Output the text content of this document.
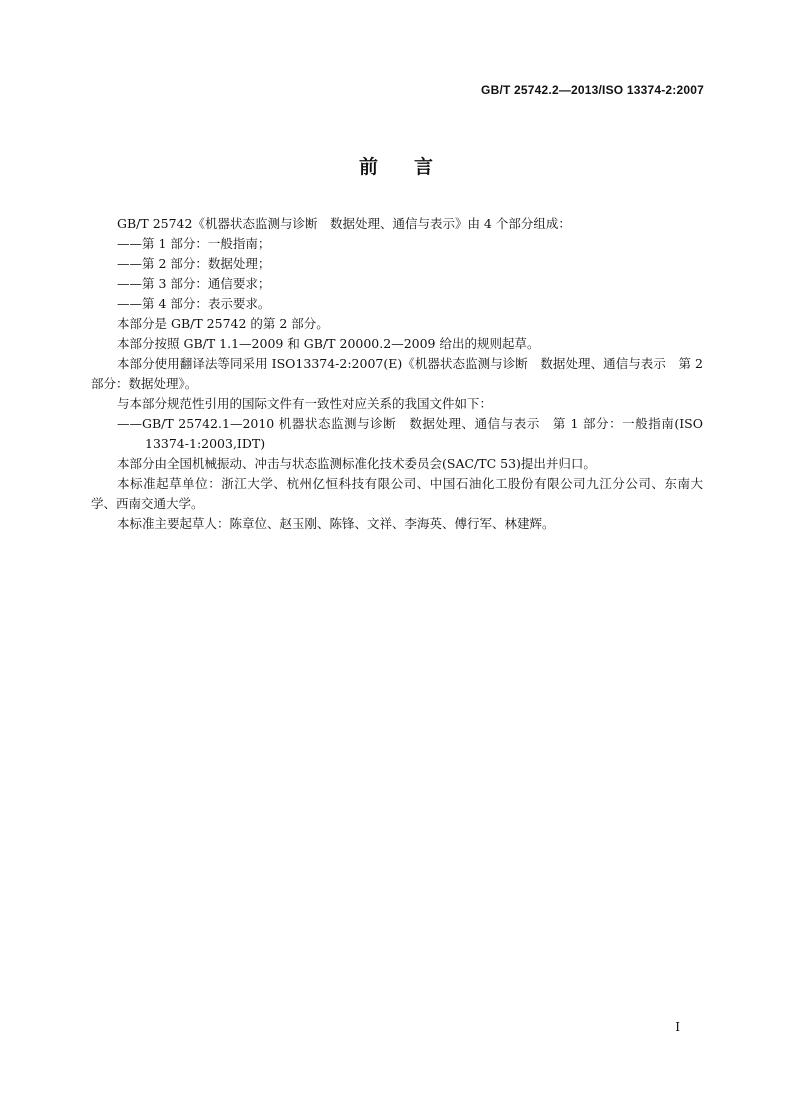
GB/T 25742.2—2013/ISO 13374-2:2007
前言

GB/T 25742《机器状态监测与诊断　数据处理、通信与表示》由 4 个部分组成：

——第 1 部分：一般指南；

——第 2 部分：数据处理；

——第 3 部分：通信要求；

——第 4 部分：表示要求。

本部分是 GB/T 25742 的第 2 部分。

本部分按照 GB/T 1.1—2009 和 GB/T 20000.2—2009 给出的规则起草。

本部分使用翻译法等同采用 ISO13374-2:2007(E)《机器状态监测与诊断　数据处理、通信与表示　第 2 部分：数据处理》。

与本部分规范性引用的国际文件有一致性对应关系的我国文件如下：

——GB/T 25742.1—2010 机器状态监测与诊断　数据处理、通信与表示　第 1 部分：一般指南(ISO 13374-1:2003,IDT)

本部分由全国机械振动、冲击与状态监测标准化技术委员会(SAC/TC 53)提出并归口。

本标准起草单位：浙江大学、杭州亿恒科技有限公司、中国石油化工股份有限公司九江分公司、东南大学、西南交通大学。

本标准主要起草人：陈章位、赵玉刚、陈锋、文祥、李海英、傅行军、林建辉。

I
